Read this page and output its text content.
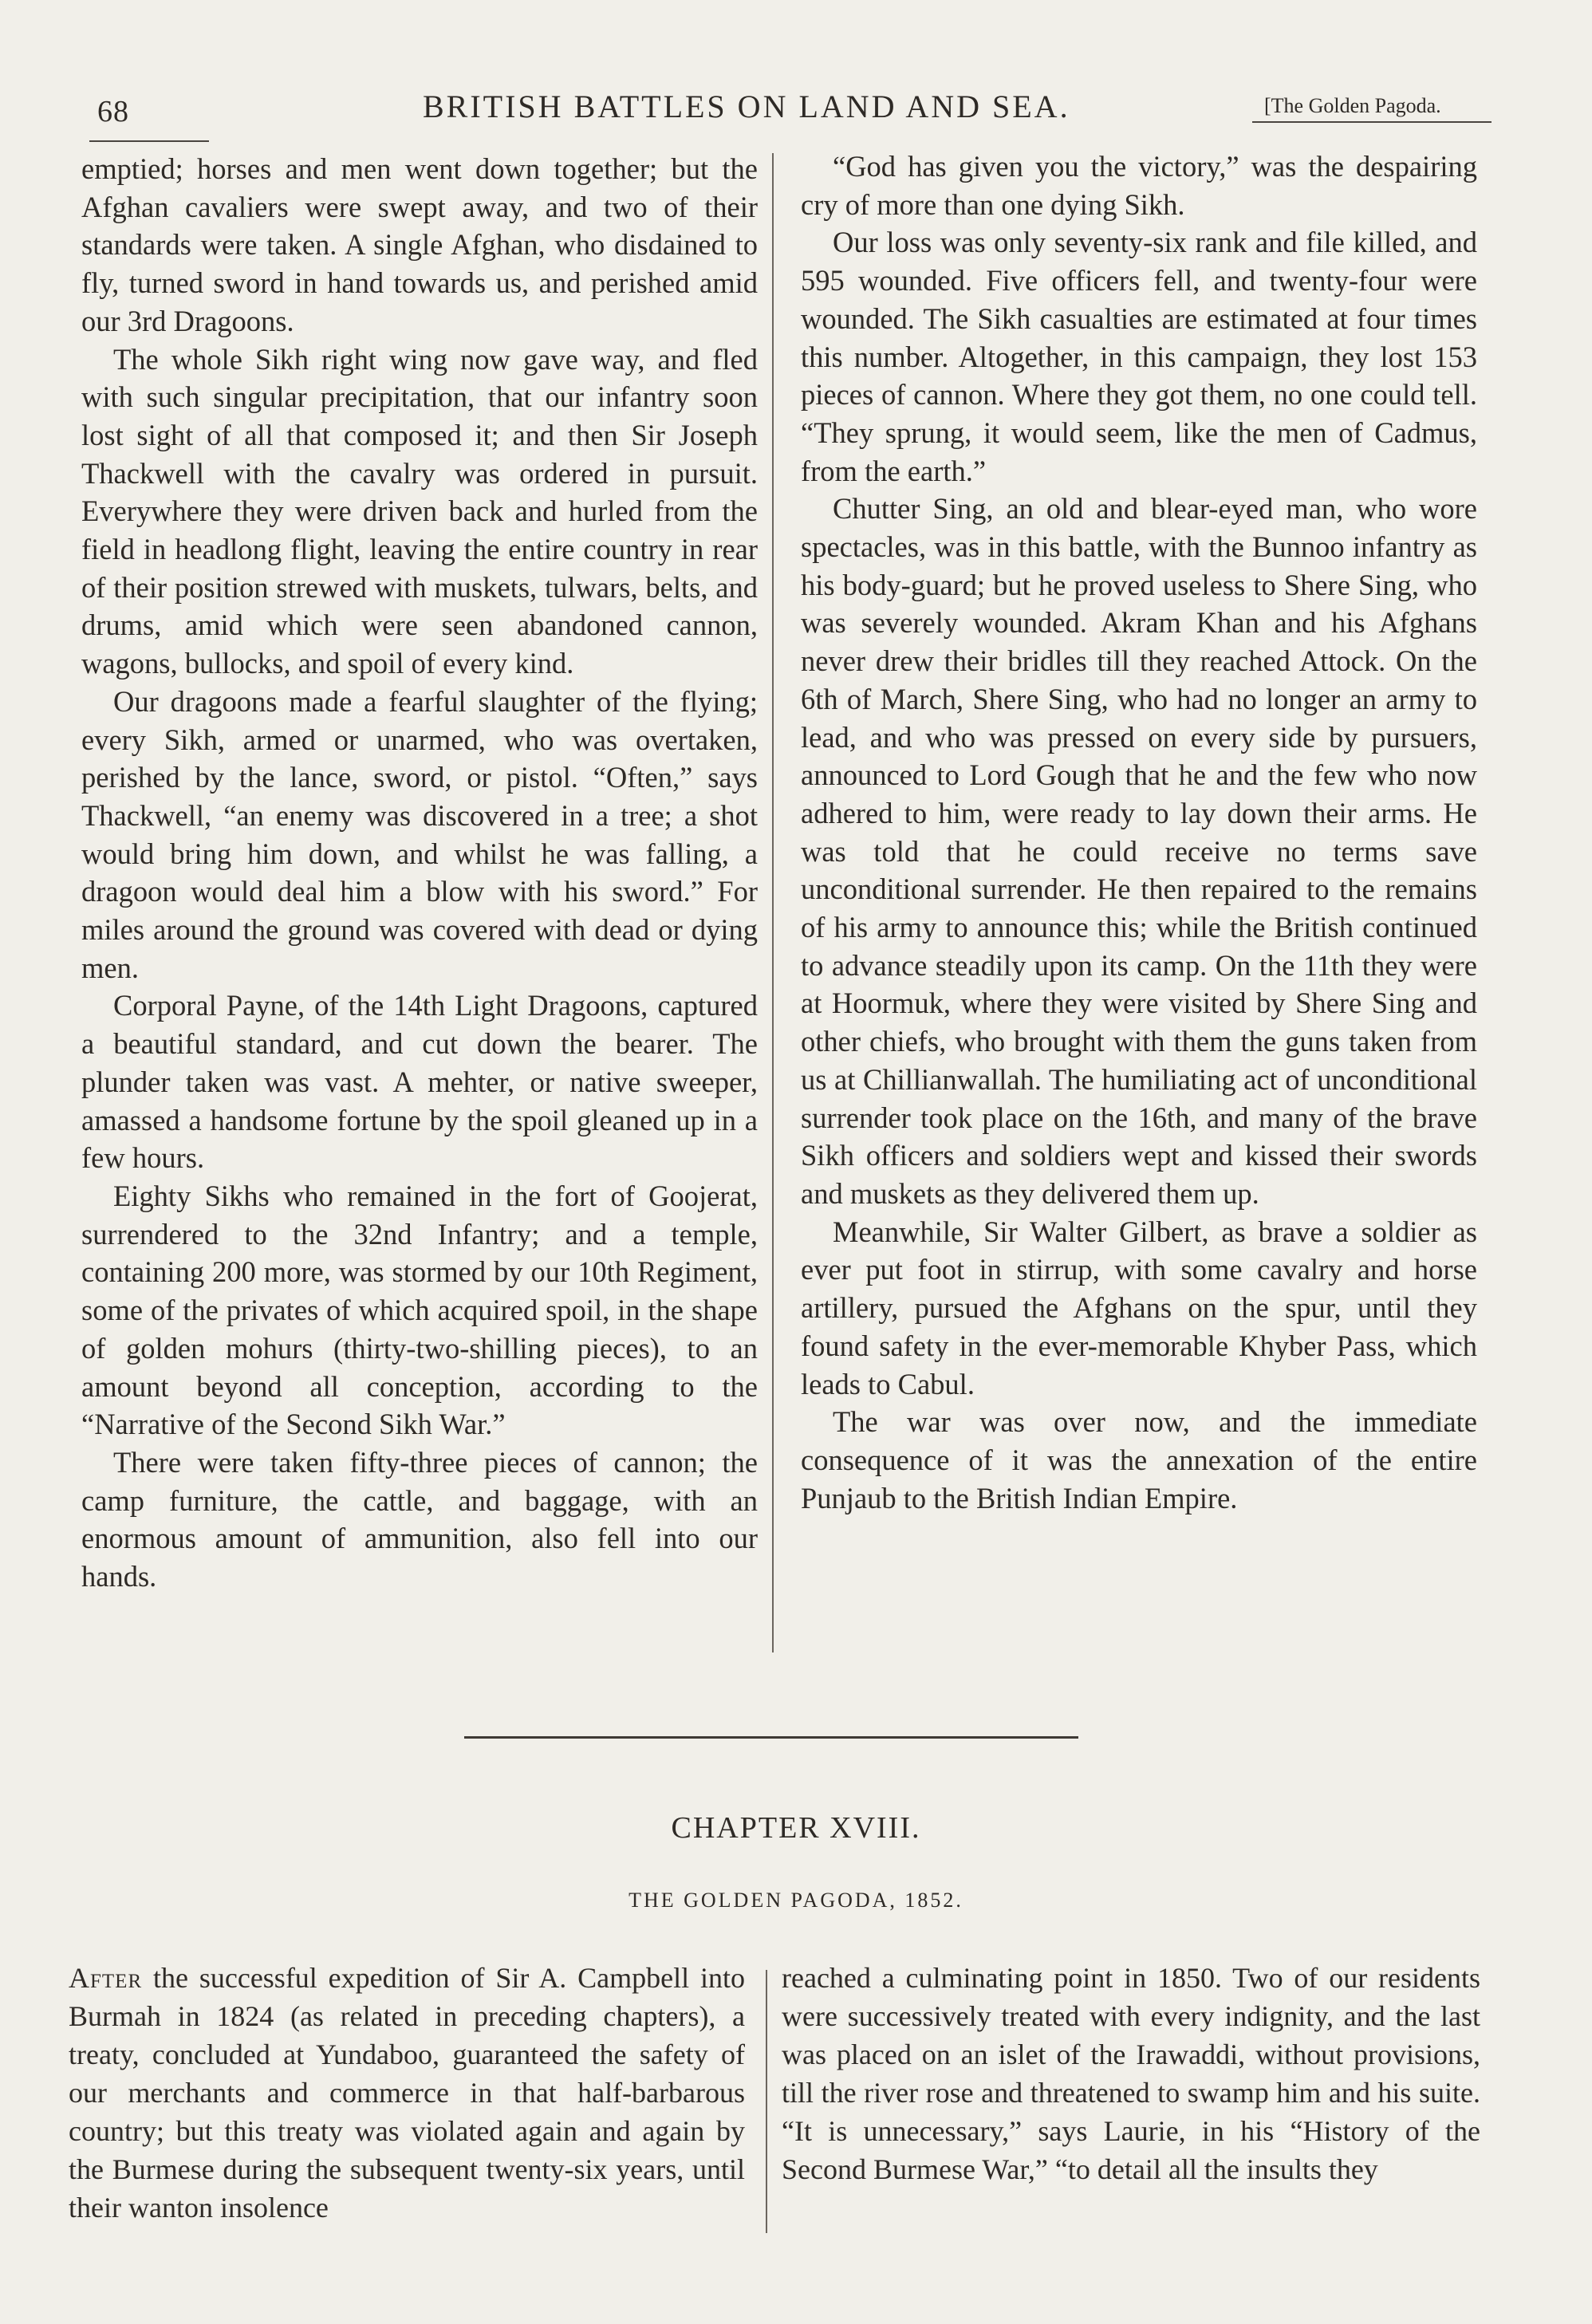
68	BRITISH BATTLES ON LAND AND SEA.	[The Golden Pagoda.

emptied; horses and men went down together; but the Afghan cavaliers were swept away, and two of their standards were taken. A single Afghan, who disdained to fly, turned sword in hand towards us, and perished amid our 3rd Dragoons.

The whole Sikh right wing now gave way, and fled with such singular precipitation, that our infantry soon lost sight of all that composed it; and then Sir Joseph Thackwell with the cavalry was ordered in pursuit. Everywhere they were driven back and hurled from the field in headlong flight, leaving the entire country in rear of their position strewed with muskets, tulwars, belts, and drums, amid which were seen abandoned cannon, wagons, bullocks, and spoil of every kind.

Our dragoons made a fearful slaughter of the flying; every Sikh, armed or unarmed, who was overtaken, perished by the lance, sword, or pistol. “Often,” says Thackwell, “an enemy was discovered in a tree; a shot would bring him down, and whilst he was falling, a dragoon would deal him a blow with his sword.” For miles around the ground was covered with dead or dying men.

Corporal Payne, of the 14th Light Dragoons, captured a beautiful standard, and cut down the bearer. The plunder taken was vast. A mehter, or native sweeper, amassed a handsome fortune by the spoil gleaned up in a few hours.

Eighty Sikhs who remained in the fort of Goojerat, surrendered to the 32nd Infantry; and a temple, containing 200 more, was stormed by our 10th Regiment, some of the privates of which acquired spoil, in the shape of golden mohurs (thirty-two-shilling pieces), to an amount beyond all conception, according to the “Narrative of the Second Sikh War.”

There were taken fifty-three pieces of cannon; the camp furniture, the cattle, and baggage, with an enormous amount of ammunition, also fell into our hands.

“God has given you the victory,” was the despairing cry of more than one dying Sikh.

Our loss was only seventy-six rank and file killed, and 595 wounded. Five officers fell, and twenty-four were wounded. The Sikh casualties are estimated at four times this number. Altogether, in this campaign, they lost 153 pieces of cannon. Where they got them, no one could tell. “They sprung, it would seem, like the men of Cadmus, from the earth.”

Chutter Sing, an old and blear-eyed man, who wore spectacles, was in this battle, with the Bunnoo infantry as his body-guard; but he proved useless to Shere Sing, who was severely wounded. Akram Khan and his Afghans never drew their bridles till they reached Attock. On the 6th of March, Shere Sing, who had no longer an army to lead, and who was pressed on every side by pursuers, announced to Lord Gough that he and the few who now adhered to him, were ready to lay down their arms. He was told that he could receive no terms save unconditional surrender. He then repaired to the remains of his army to announce this; while the British continued to advance steadily upon its camp. On the 11th they were at Hoormuk, where they were visited by Shere Sing and other chiefs, who brought with them the guns taken from us at Chillianwallah. The humiliating act of unconditional surrender took place on the 16th, and many of the brave Sikh officers and soldiers wept and kissed their swords and muskets as they delivered them up.

Meanwhile, Sir Walter Gilbert, as brave a soldier as ever put foot in stirrup, with some cavalry and horse artillery, pursued the Afghans on the spur, until they found safety in the ever-memorable Khyber Pass, which leads to Cabul.

The war was over now, and the immediate consequence of it was the annexation of the entire Punjaub to the British Indian Empire.

CHAPTER XVIII.
THE GOLDEN PAGODA, 1852.

After the successful expedition of Sir A. Campbell into Burmah in 1824 (as related in preceding chapters), a treaty, concluded at Yundaboo, guaranteed the safety of our merchants and commerce in that half-barbarous country; but this treaty was violated again and again by the Burmese during the subsequent twenty-six years, until their wanton insolence

reached a culminating point in 1850. Two of our residents were successively treated with every indignity, and the last was placed on an islet of the Irawaddi, without provisions, till the river rose and threatened to swamp him and his suite. “It is unnecessary,” says Laurie, in his “History of the Second Burmese War,” “to detail all the insults they
